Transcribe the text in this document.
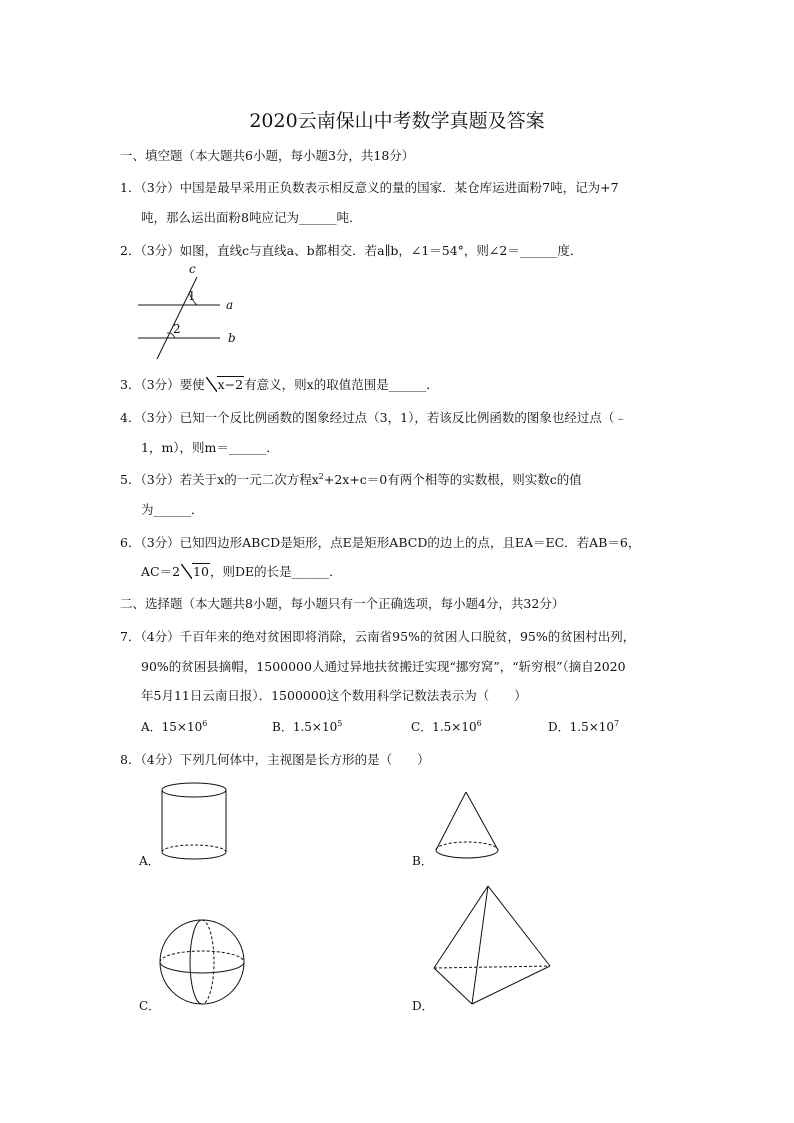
2020云南保山中考数学真题及答案
一、填空题（本大题共6小题，每小题3分，共18分）
1．（3分）中国是最早采用正负数表示相反意义的量的国家．某仓库运进面粉7吨，记为+7
吨，那么运出面粉8吨应记为______吨．
2．（3分）如图，直线c与直线a、b都相交．若a∥b，∠1＝54°，则∠2＝______度．
c
1
a
2
b
3．（3分）要使 x−2有意义，则x的取值范围是______．
4．（3分）已知一个反比例函数的图象经过点（3，1），若该反比例函数的图象也经过点（﹣
1，m），则m＝______．
5．（3分）若关于x的一元二次方程$x^2+2x+c=0$有两个相等的实数根，则实数c的值
为______．
6．（3分）已知四边形ABCD是矩形，点E是矩形ABCD的边上的点，且EA＝EC．若AB＝6，
AC＝2 10，则DE的长是______．
二、选择题（本大题共8小题，每小题只有一个正确选项，每小题4分，共32分）
7．（4分）千百年来的绝对贫困即将消除，云南省95%的贫困人口脱贫，95%的贫困村出列，
90%的贫困县摘帽，1500000人通过异地扶贫搬迁实现“挪穷窝”，“斩穷根”（摘自2020
年5月11日云南日报）．1500000这个数用科学记数法表示为（　　）
A．$15\times 10^6$	B．$1.5\times 10^5$	C．$1.5\times 10^6$	D．$1.5\times 10^7$
8．（4分）下列几何体中，主视图是长方形的是（　　）
A．	B．
C．	D．
